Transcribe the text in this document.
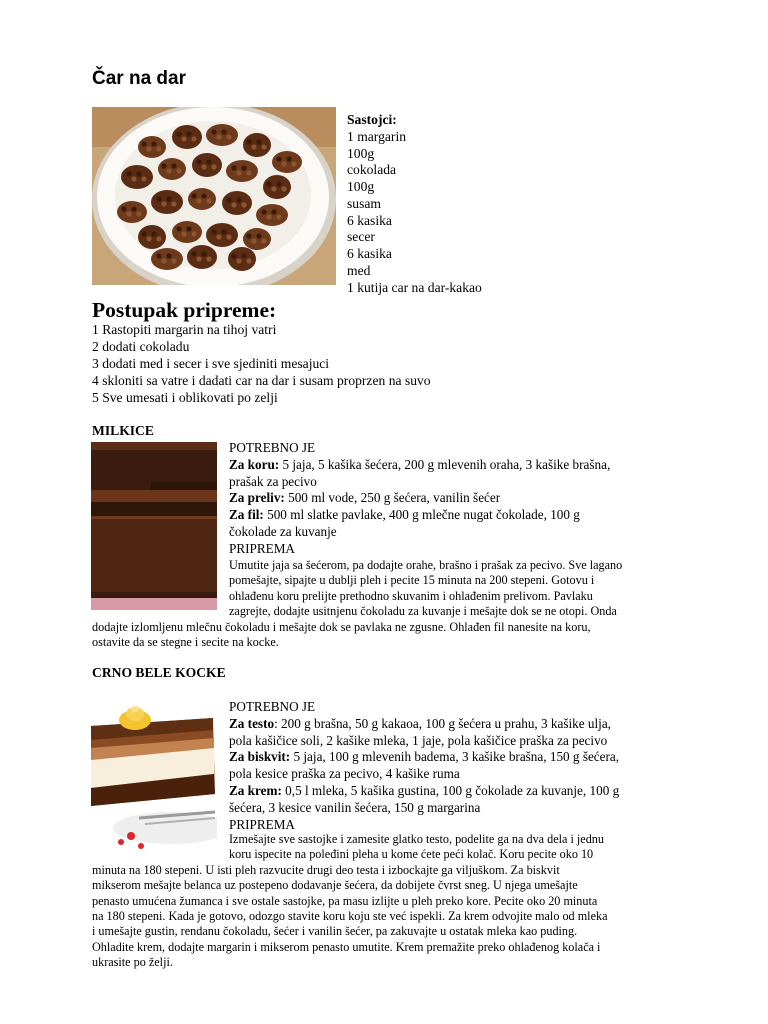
Čar na dar
Sastojci:
1 margarin
100g
cokolada
100g
susam
6 kasika
secer
6 kasika
med
1 kutija car na dar-kakao
Postupak pripreme:
1 Rastopiti margarin na tihoj vatri
2 dodati cokoladu
3 dodati med i secer i sve sjediniti mesajuci
4 skloniti sa vatre i dadati car na dar i susam proprzen na suvo
5 Sve umesati i oblikovati po zelji
MILKICE
POTREBNO JE
Za koru: 5 jaja, 5 kašika šećera, 200 g mlevenih oraha, 3 kašike brašna,
prašak za pecivo
Za preliv: 500 ml vode, 250 g šećera, vanilin šećer
Za fil: 500 ml slatke pavlake, 400 g mlečne nugat čokolade, 100 g
čokolade za kuvanje
PRIPREMA
Umutite jaja sa šećerom, pa dodajte orahe, brašno i prašak za pecivo. Sve lagano
pomešajte, sipajte u dublji pleh i pecite 15 minuta na 200 stepeni. Gotovu i
ohlađenu koru prelijte prethodno skuvanim i ohlađenim prelivom. Pavlaku
zagrejte, dodajte usitnjenu čokoladu za kuvanje i mešajte dok se ne otopi. Onda
dodajte izlomljenu mlečnu čokoladu i mešajte dok se pavlaka ne zgusne. Ohlađen fil nanesite na koru,
ostavite da se stegne i secite na kocke.
CRNO BELE KOCKE
POTREBNO JE
Za testo: 200 g brašna, 50 g kakaoa, 100 g šećera u prahu, 3 kašike ulja,
pola kašičice soli, 2 kašike mleka, 1 jaje, pola kašičice praška za pecivo
Za biskvit: 5 jaja, 100 g mlevenih badema, 3 kašike brašna, 150 g šećera,
pola kesice praška za pecivo, 4 kašike ruma
Za krem: 0,5 l mleka, 5 kašika gustina, 100 g čokolade za kuvanje, 100 g
šećera, 3 kesice vanilin šećera, 150 g margarina
PRIPREMA
Izmešajte sve sastojke i zamesite glatko testo, podelite ga na dva dela i jednu
koru ispecite na poleđini pleha u kome ćete peći kolač. Koru pecite oko 10
minuta na 180 stepeni. U isti pleh razvucite drugi deo testa i izbockajte ga viljuškom. Za biskvit
mikserom mešajte belanca uz postepeno dodavanje šećera, da dobijete čvrst sneg. U njega umešajte
penasto umućena žumanca i sve ostale sastojke, pa masu izlijte u pleh preko kore. Pecite oko 20 minuta
na 180 stepeni. Kada je gotovo, odozgo stavite koru koju ste već ispekli. Za krem odvojite malo od mleka
i umešajte gustin, rendanu čokoladu, šećer i vanilin šećer, pa zakuvajte u ostatak mleka kao puding.
Ohladite krem, dodajte margarin i mikserom penasto umutite. Krem premažite preko ohlađenog kolača i
ukrasite po želji.
